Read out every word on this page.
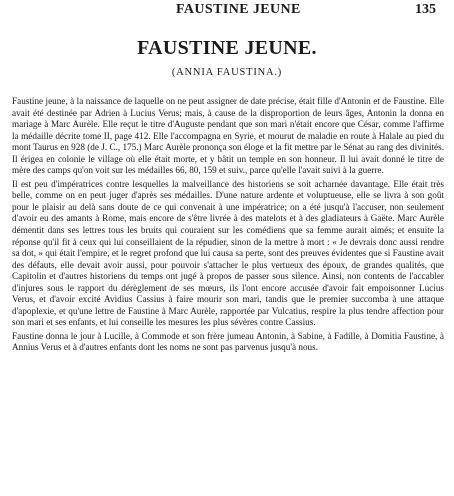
FAUSTINE JEUNE	135
FAUSTINE JEUNE.
(ANNIA FAUSTINA.)

Faustine jeune, à la naissance de laquelle on ne peut assigner de date précise, était fille d'Antonin et de Faustine. Elle avait été destinée par Adrien à Lucius Verus; mais, à cause de la disproportion de leurs âges, Antonin la donna en mariage à Marc Aurèle. Elle reçut le titre d'Auguste pendant que son mari n'était encore que César, comme l'affirme la médaille décrite tome II, page 412. Elle l'accompagna en Syrie, et mourut de maladie en route à Halale au pied du mont Taurus en 928 (de J. C., 175.) Marc Aurèle prononça son éloge et la fit mettre par le Sénat au rang des divinités. Il érigea en colonie le village où elle était morte, et y bâtit un temple en son honneur. Il lui avait donné le titre de mère des camps qu'on voit sur les médailles 66, 80, 159 et suiv., parce qu'elle l'avait suivi à la guerre.

Il est peu d'impératrices contre lesquelles la malveillance des historiens se soit acharnée davantage. Elle était très belle, comme on en peut juger d'après ses médailles. D'une nature ardente et voluptueuse, elle se livra à son goût pour le plaisir au delà sans doute de ce qui convenait à une impératrice; on a été jusqu'à l'accuser, non seulement d'avoir eu des amants à Rome, mais encore de s'être livrée à des matelots et à des gladiateurs à Gaëte. Marc Aurèle démentit dans ses lettres tous les bruits qui couraient sur les comédiens que sa femme aurait aimés; et ensuite la réponse qu'il fit à ceux qui lui conseillaient de la répudier, sinon de la mettre à mort : « Je devrais donc aussi rendre sa dot, » qui était l'empire, et le regret profond que lui causa sa perte, sont des preuves évidentes que si Faustine avait des défauts, elle devait avoir aussi, pour pouvoir s'attacher le plus vertueux des époux, de grandes qualités, que Capitolin et d'autres historiens du temps ont jugé à propos de passer sous silence. Ainsi, non contents de l'accabler d'injures sous le rapport du dérèglement de ses mœurs, ils l'ont encore accusée d'avoir fait empoisonner Lucius Verus, et d'avoir excité Avidius Cassius à faire mourir son mari, tandis que le premier succomba à une attaque d'apoplexie, et qu'une lettre de Faustine à Marc Aurèle, rapportée par Vulcatius, respire la plus tendre affection pour son mari et ses enfants, et lui conseille les mesures les plus sévères contre Cassius.

Faustine donna le jour à Lucille, à Commode et son frère jumeau Antonin, à Sabine, à Fadille, à Domitia Faustine, à Annius Verus et à d'autres enfants dont les noms ne sont pas parvenus jusqu'à nous.
